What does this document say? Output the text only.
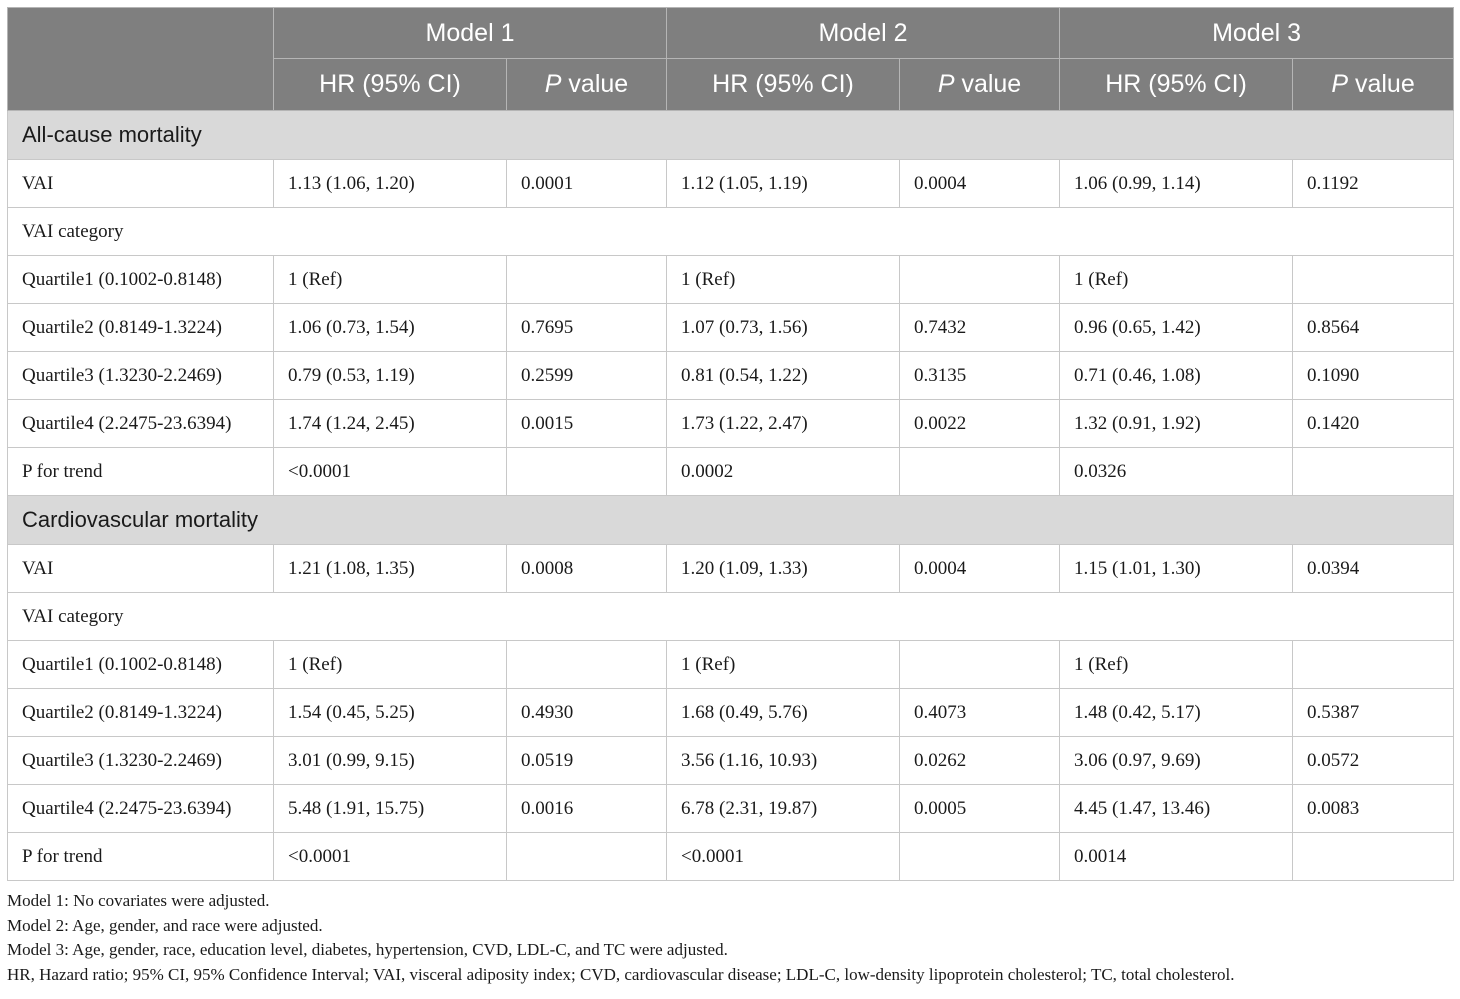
	Model 1		Model 2		Model 3	
	HR (95% CI)	P value	HR (95% CI)	P value	HR (95% CI)	P value
All-cause mortality						
VAI	1.13 (1.06, 1.20)	0.0001	1.12 (1.05, 1.19)	0.0004	1.06 (0.99, 1.14)	0.1192
VAI category						
Quartile1 (0.1002-0.8148)	1 (Ref)		1 (Ref)		1 (Ref)	
Quartile2 (0.8149-1.3224)	1.06 (0.73, 1.54)	0.7695	1.07 (0.73, 1.56)	0.7432	0.96 (0.65, 1.42)	0.8564
Quartile3 (1.3230-2.2469)	0.79 (0.53, 1.19)	0.2599	0.81 (0.54, 1.22)	0.3135	0.71 (0.46, 1.08)	0.1090
Quartile4 (2.2475-23.6394)	1.74 (1.24, 2.45)	0.0015	1.73 (1.22, 2.47)	0.0022	1.32 (0.91, 1.92)	0.1420
P for trend	<0.0001		0.0002		0.0326	
Cardiovascular mortality						
VAI	1.21 (1.08, 1.35)	0.0008	1.20 (1.09, 1.33)	0.0004	1.15 (1.01, 1.30)	0.0394
VAI category						
Quartile1 (0.1002-0.8148)	1 (Ref)		1 (Ref)		1 (Ref)	
Quartile2 (0.8149-1.3224)	1.54 (0.45, 5.25)	0.4930	1.68 (0.49, 5.76)	0.4073	1.48 (0.42, 5.17)	0.5387
Quartile3 (1.3230-2.2469)	3.01 (0.99, 9.15)	0.0519	3.56 (1.16, 10.93)	0.0262	3.06 (0.97, 9.69)	0.0572
Quartile4 (2.2475-23.6394)	5.48 (1.91, 15.75)	0.0016	6.78 (2.31, 19.87)	0.0005	4.45 (1.47, 13.46)	0.0083
P for trend	<0.0001		<0.0001		0.0014	
Model 1: No covariates were adjusted.
Model 2: Age, gender, and race were adjusted.
Model 3: Age, gender, race, education level, diabetes, hypertension, CVD, LDL-C, and TC were adjusted.
HR, Hazard ratio; 95% CI, 95% Confidence Interval; VAI, visceral adiposity index; CVD, cardiovascular disease; LDL-C, low-density lipoprotein cholesterol; TC, total cholesterol.
